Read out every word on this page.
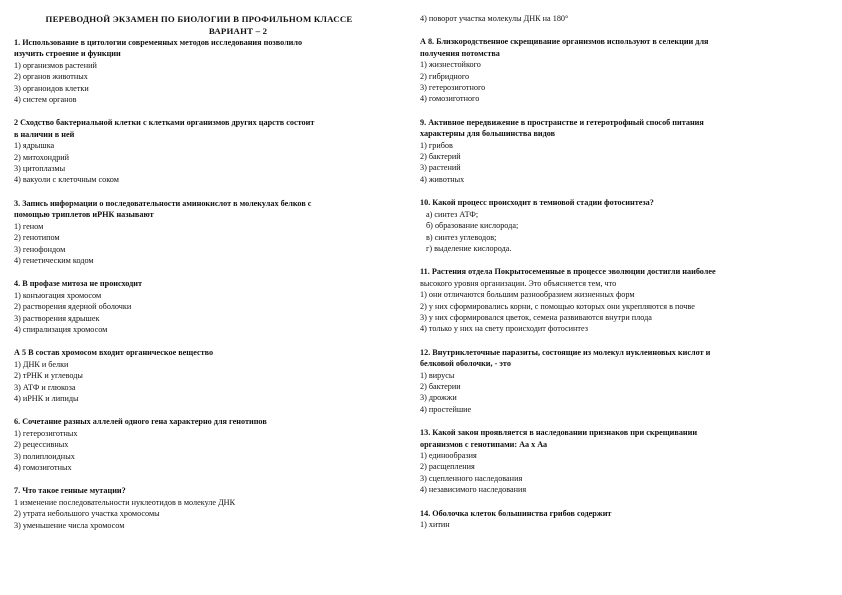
ПЕРЕВОДНОЙ ЭКЗАМЕН ПО БИОЛОГИИ В ПРОФИЛЬНОМ КЛАССЕ
ВАРИАНТ – 2
1. Использование в цитологии современных методов исследования позволило
изучить строение и функции
1) организмов растений
2) органов животных
3) органоидов клетки
4) систем органов
2 Сходство бактериальной клетки с клетками организмов других царств состоит
в наличии в ней
1) ядрышка
2) митохондрий
3) цитоплазмы
4) вакуоли с клеточным соком
3. Запись информации о последовательности аминокислот в молекулах белков с
помощью триплетов иРНК называют
1) геном
2) генотипом
3) генофондом
4) генетическим кодом
4. В профазе митоза не происходит
1) конъюгация хромосом
2) растворения ядерной оболочки
3) растворения ядрышек
4) спирализация хромосом
А 5 В состав хромосом входит органическое вещество
1) ДНК и белки
2) тРНК и углеводы
3) АТФ и глюкоза
4) иРНК и липиды
6. Сочетание разных аллелей одного гена характерно для генотипов
1) гетерозиготных
2) рецессивных
3) полиплоидных
4) гомозиготных
7. Что такое генные мутации?
1 изменение последовательности нуклеотидов в молекуле ДНК
2) утрата небольшого участка хромосомы
3) уменьшение числа хромосом
4) поворот участка молекулы ДНК на 180°
А 8. Близкородственное скрещивание организмов используют в селекции для
получения потомства
1) жизнестойкого
2) гибридного
3) гетерозиготного
4) гомозиготного
9. Активное передвижение в пространстве и гетеротрофный способ питания
характерны для большинства видов
1) грибов
2) бактерий
3) растений
4) животных
10. Какой процесс происходит в темновой стадии фотосинтеза?
а) синтез АТФ;
б) образование кислорода;
в) синтез углеводов;
г) выделение кислорода.
11. Растения отдела Покрытосеменные в процессе эволюции достигли наиболее
высокого уровня организации. Это объясняется тем, что
1) они отличаются большим разнообразием жизненных форм
2) у них сформировались корни, с помощью которых они укрепляются в почве
3) у них сформировался цветок, семена развиваются внутри плода
4) только у них на свету происходит фотосинтез
12. Внутриклеточные паразиты, состоящие из молекул нуклеиновых кислот и
белковой оболочки, - это
1) вирусы
2) бактерии
3) дрожжи
4) простейшие
13. Какой закон проявляется в наследовании признаков при скрещивании
организмов с генотипами: Аа х Аа
1) единообразия
2) расщепления
3) сцепленного наследования
4) независимого наследования
14. Оболочка клеток большинства грибов содержит
1) хитин
